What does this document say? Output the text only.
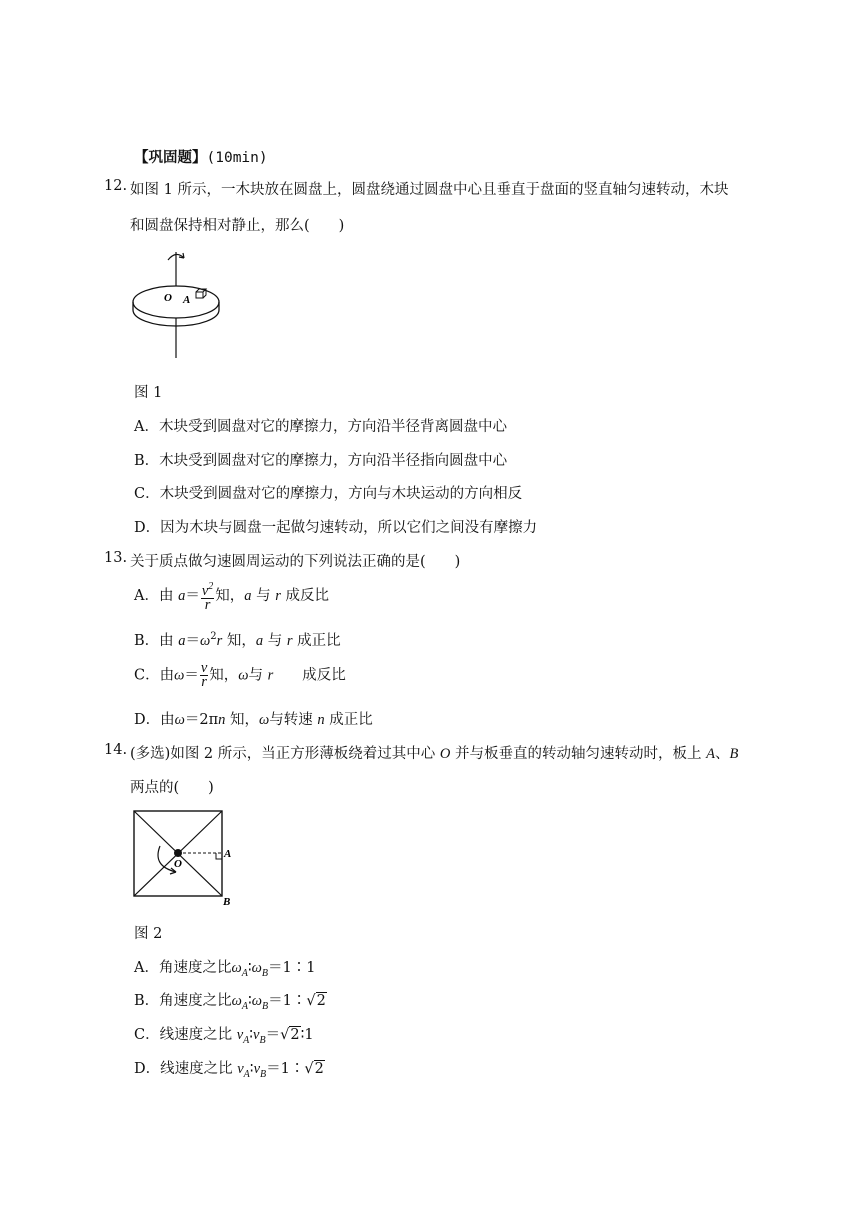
【巩固题】(10min)
12. 如图 1 所示，一木块放在圆盘上，圆盘绕通过圆盘中心且垂直于盘面的竖直轴匀速转动，木块
和圆盘保持相对静止，那么(　　)
O A
图 1
A．木块受到圆盘对它的摩擦力，方向沿半径背离圆盘中心
B．木块受到圆盘对它的摩擦力，方向沿半径指向圆盘中心
C．木块受到圆盘对它的摩擦力，方向与木块运动的方向相反
D．因为木块与圆盘一起做匀速转动，所以它们之间没有摩擦力
13. 关于质点做匀速圆周运动的下列说法正确的是(　　)
A．由 $a= \frac{v^2}{r}$ 知，a 与 r 成反比
B．由 $a=\omega^2r$ 知，a 与 r 成正比
C．由$\omega= \frac{v}{r}$ 知，ω与 r　　成反比
D．由ω＝2πn 知，ω与转速 n 成正比
14. (多选)如图 2 所示，当正方形薄板绕着过其中心 O 并与板垂直的转动轴匀速转动时，板上 A、B
两点的(　　)
O
A
B
图 2
A．角速度之比$\omega_A∶\omega_B=1∶1$
B．角速度之比$\omega_A∶\omega_B=1∶√2$
C．线速度之比 $v_A∶v_B=√2∶1$
D．线速度之比 $v_A∶v_B=1∶√2$
